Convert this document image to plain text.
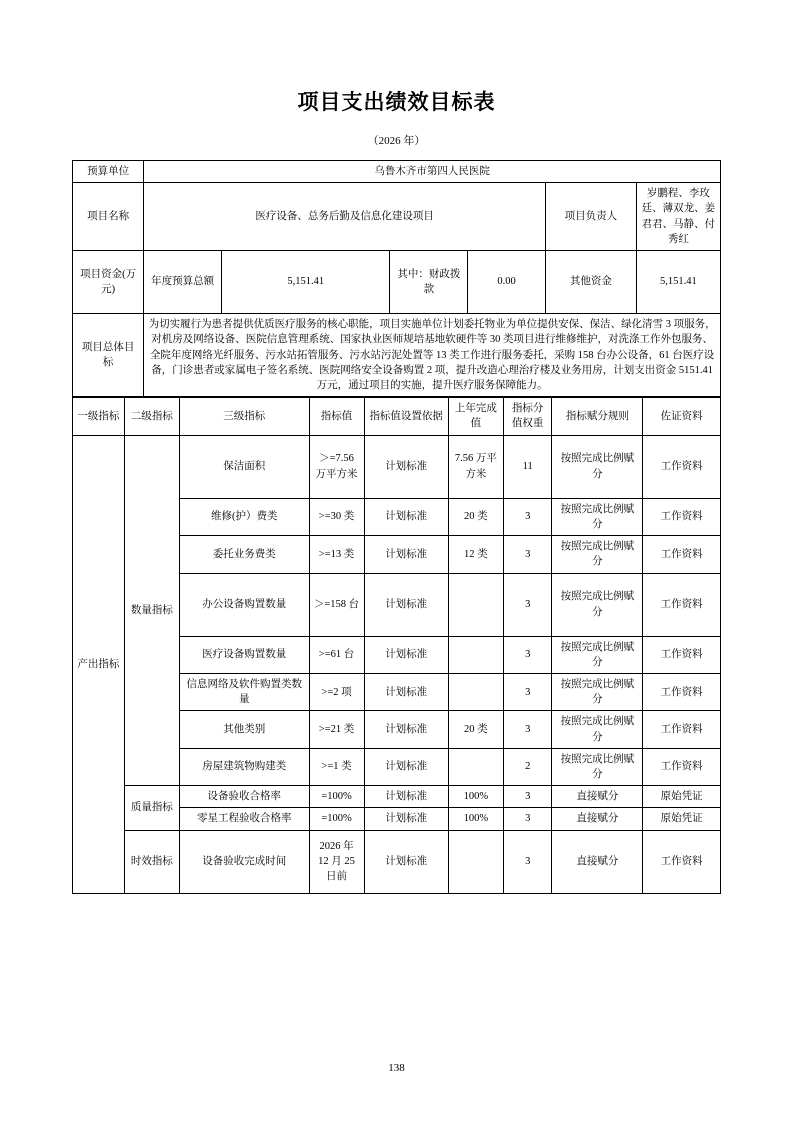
项目支出绩效目标表
（2026 年）
预算单位	乌鲁木齐市第四人民医院					
项目名称	医疗设备、总务后勤及信息化建设项目				项目负责人	岁鹏程、李玫廷、薄双龙、姜君君、马静、付秀红
项目资金(万元)	年度预算总额	5,151.41	其中：财政拨款	0.00	其他资金	5,151.41
项目总体目标	为切实履行为患者提供优质医疗服务的核心职能，项目实施单位计划委托物业为单位提供安保、保洁、绿化清雪 3 项服务，对机房及网络设备、医院信息管理系统、国家执业医师规培基地软硬件等 30 类项目进行维修维护，对洗涤工作外包服务、全院年度网络光纤服务、污水站拓管服务、污水站污泥处置等 13 类工作进行服务委托，采购 158 台办公设备，61 台医疗设备，门诊患者或家属电子签名系统、医院网络安全设备购置 2 项，提升改造心理治疗楼及业务用房，计划支出资金 5151.41 万元，通过项目的实施，提升医疗服务保障能力。					
一级指标	二级指标	三级指标	指标值	指标值设置依据	上年完成值	指标分值权重	指标赋分规则	佐证资料
产出指标	数量指标	保洁面积	＞=7.56 万平方米	计划标准	7.56 万平方米	11	按照完成比例赋分	工作资料
		维修(护）费类	>=30 类	计划标准	20 类	3	按照完成比例赋分	工作资料
		委托业务费类	>=13 类	计划标准	12 类	3	按照完成比例赋分	工作资料
		办公设备购置数量	＞=158 台	计划标准		3	按照完成比例赋分	工作资料
		医疗设备购置数量	>=61 台	计划标准		3	按照完成比例赋分	工作资料
		信息网络及软件购置类数量	>=2 项	计划标准		3	按照完成比例赋分	工作资料
		其他类别	>=21 类	计划标准	20 类	3	按照完成比例赋分	工作资料
		房屋建筑物购建类	>=1 类	计划标准		2	按照完成比例赋分	工作资料
	质量指标	设备验收合格率	=100%	计划标准	100%	3	直接赋分	原始凭证
		零星工程验收合格率	=100%	计划标准	100%	3	直接赋分	原始凭证
	时效指标	设备验收完成时间	2026 年 12 月 25 日前	计划标准		3	直接赋分	工作资料
138
